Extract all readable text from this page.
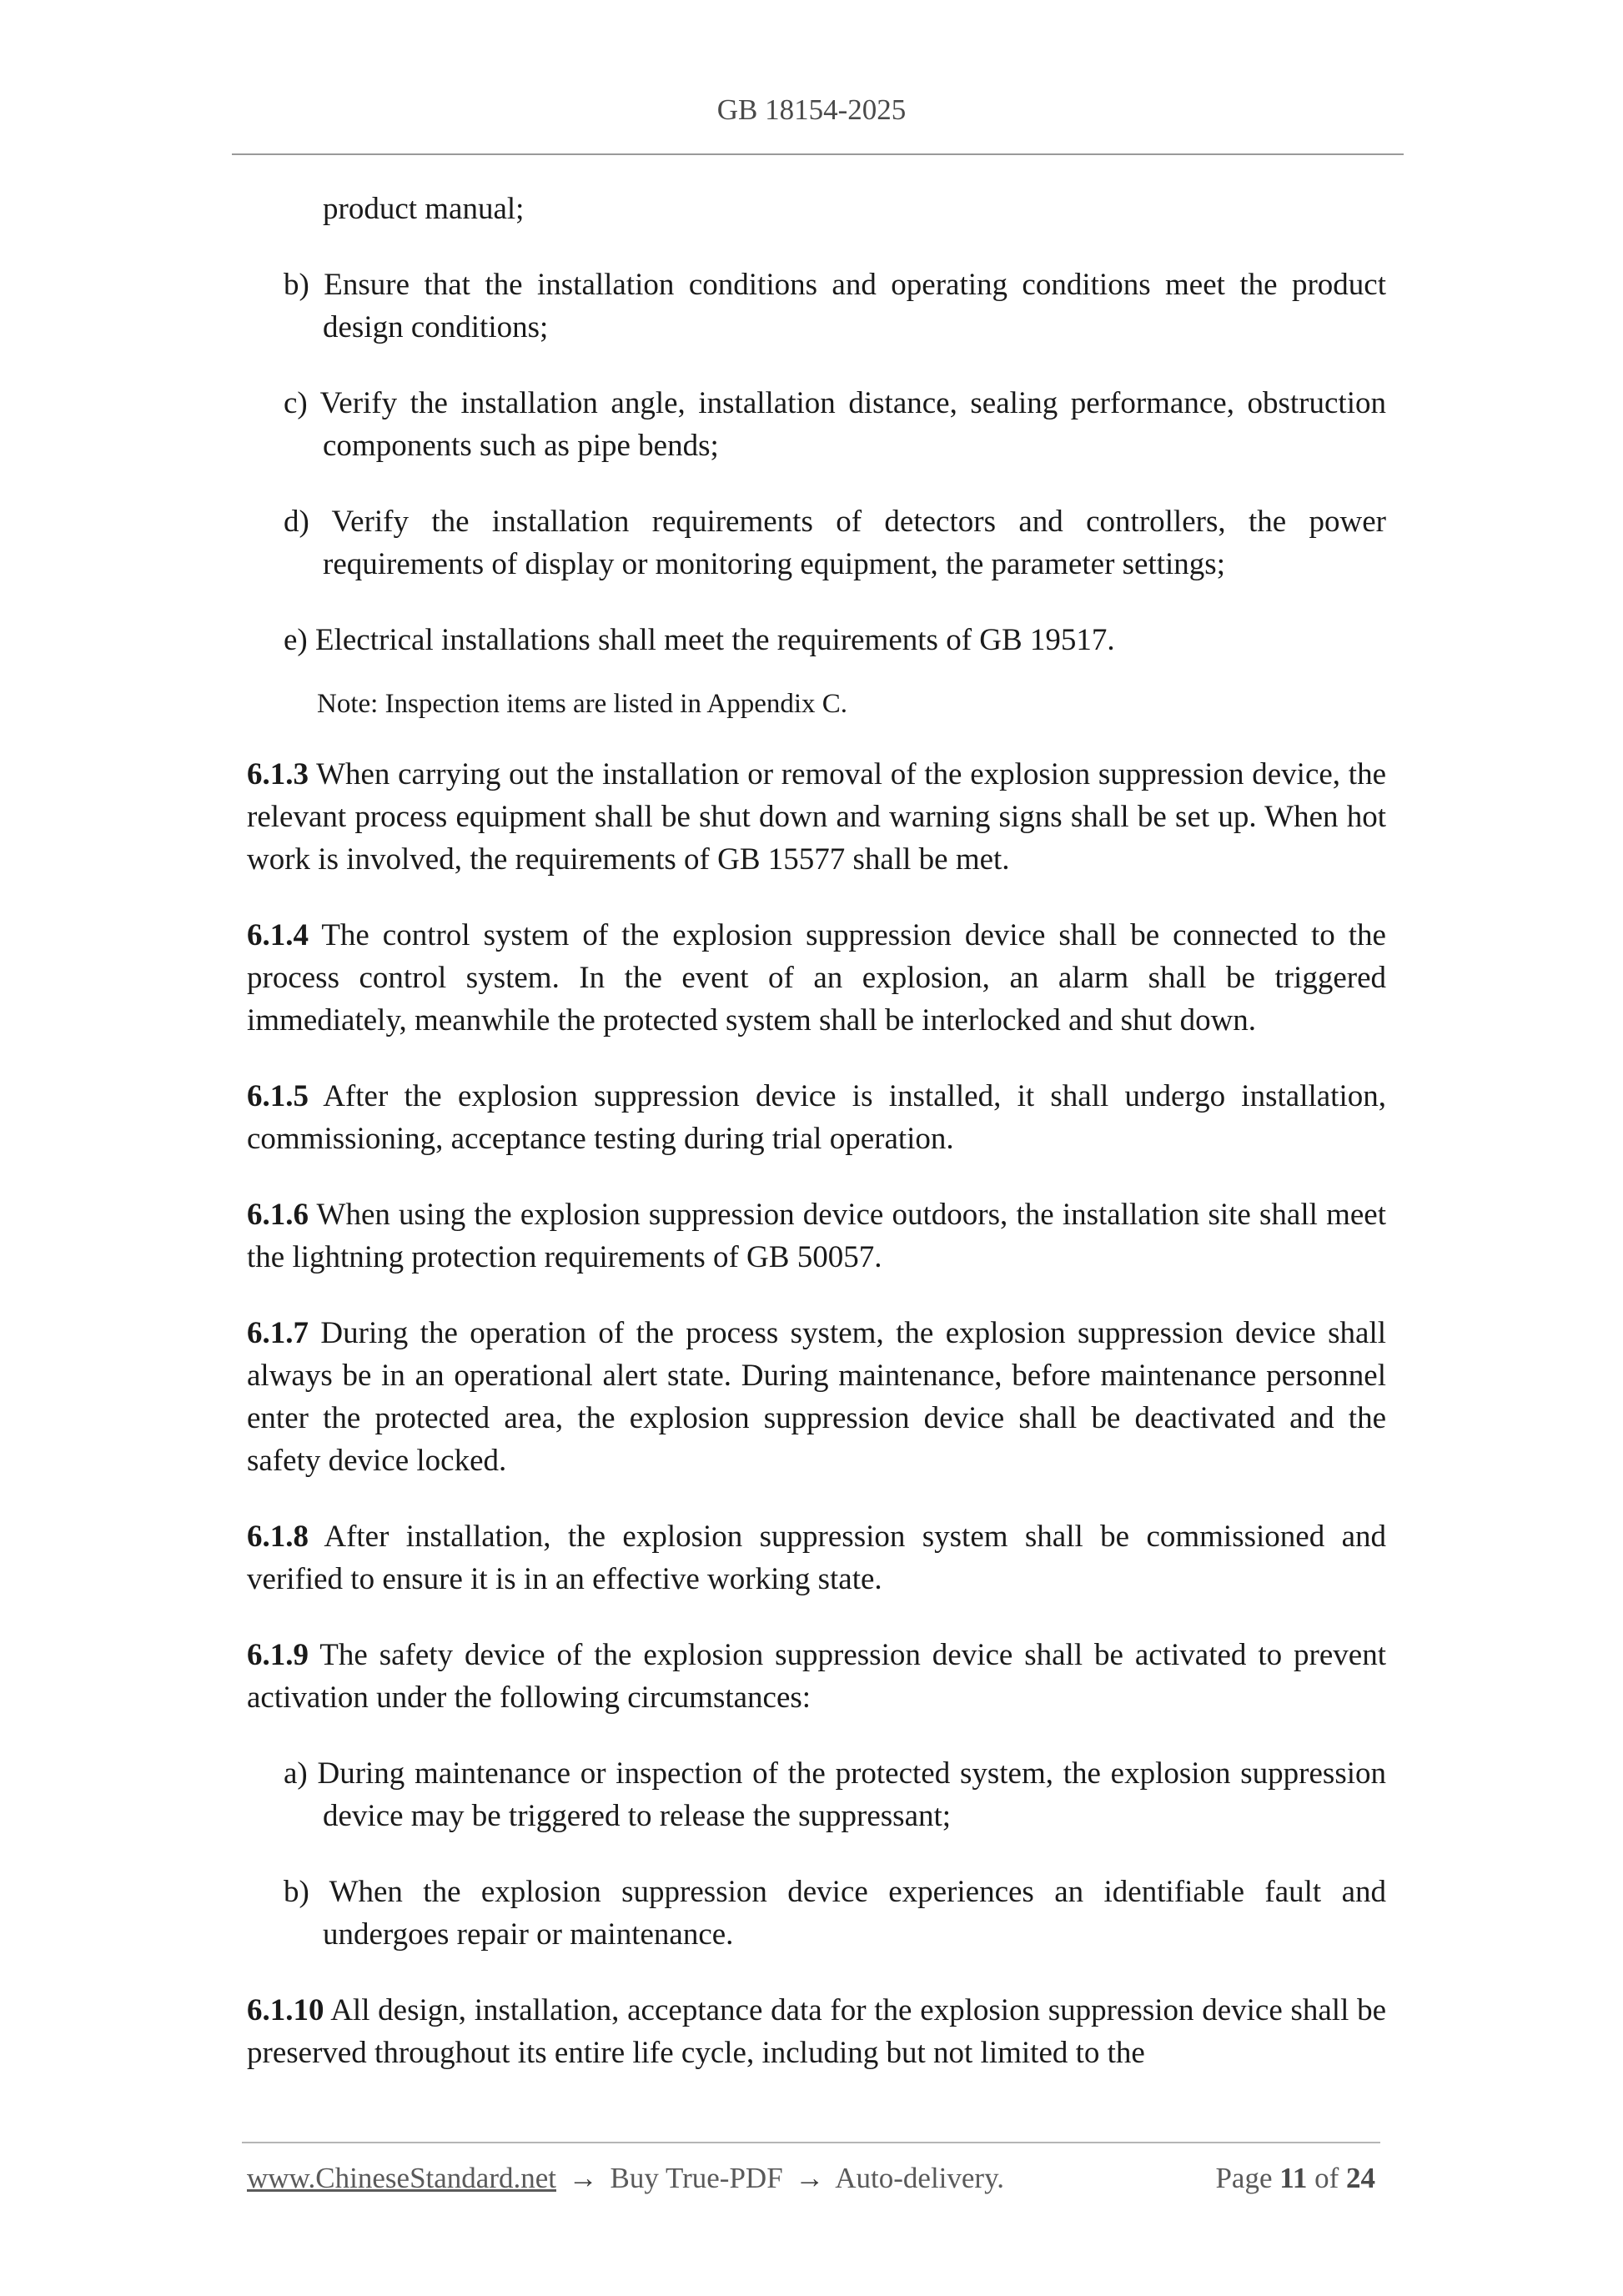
GB 18154-2025
product manual;
b) Ensure that the installation conditions and operating conditions meet the product design conditions;
c) Verify the installation angle, installation distance, sealing performance, obstruction components such as pipe bends;
d) Verify the installation requirements of detectors and controllers, the power requirements of display or monitoring equipment, the parameter settings;
e) Electrical installations shall meet the requirements of GB 19517.
Note: Inspection items are listed in Appendix C.
6.1.3 When carrying out the installation or removal of the explosion suppression device, the relevant process equipment shall be shut down and warning signs shall be set up. When hot work is involved, the requirements of GB 15577 shall be met.
6.1.4 The control system of the explosion suppression device shall be connected to the process control system. In the event of an explosion, an alarm shall be triggered immediately, meanwhile the protected system shall be interlocked and shut down.
6.1.5 After the explosion suppression device is installed, it shall undergo installation, commissioning, acceptance testing during trial operation.
6.1.6 When using the explosion suppression device outdoors, the installation site shall meet the lightning protection requirements of GB 50057.
6.1.7 During the operation of the process system, the explosion suppression device shall always be in an operational alert state. During maintenance, before maintenance personnel enter the protected area, the explosion suppression device shall be deactivated and the safety device locked.
6.1.8 After installation, the explosion suppression system shall be commissioned and verified to ensure it is in an effective working state.
6.1.9 The safety device of the explosion suppression device shall be activated to prevent activation under the following circumstances:
a) During maintenance or inspection of the protected system, the explosion suppression device may be triggered to release the suppressant;
b) When the explosion suppression device experiences an identifiable fault and undergoes repair or maintenance.
6.1.10 All design, installation, acceptance data for the explosion suppression device shall be preserved throughout its entire life cycle, including but not limited to the
www.ChineseStandard.net → Buy True-PDF → Auto-delivery.	Page 11 of 24
